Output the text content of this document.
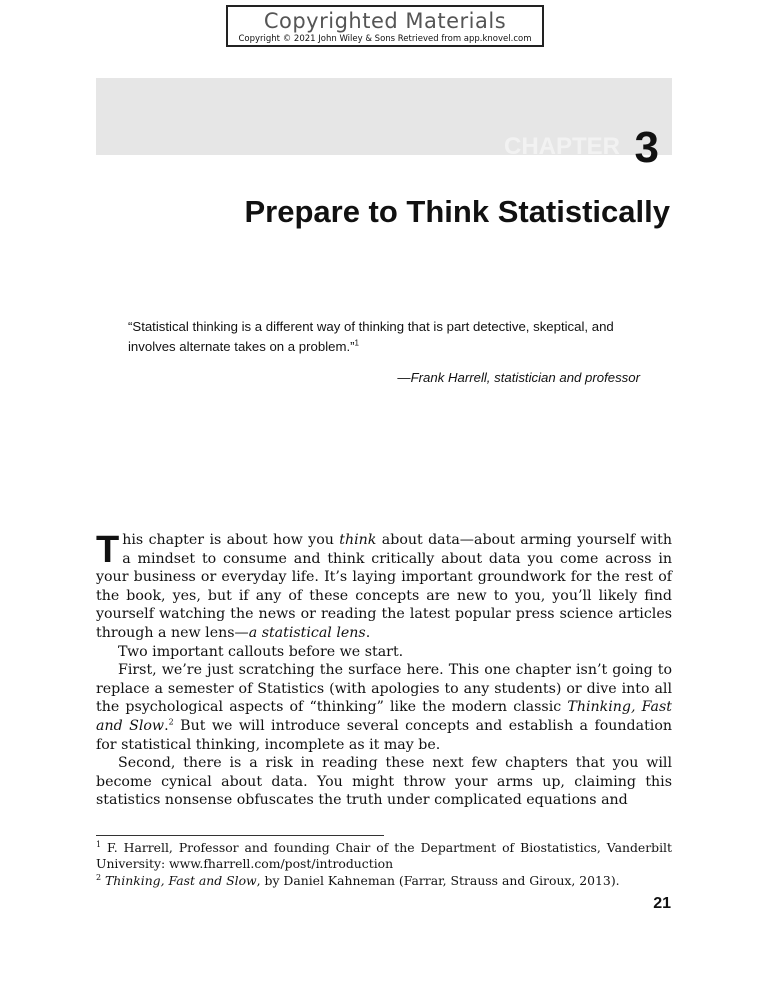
Copyrighted Materials
Copyright © 2021 John Wiley & Sons Retrieved from app.knovel.com
CHAPTER 3
Prepare to Think Statistically
“Statistical thinking is a different way of thinking that is part detective, skeptical, and involves alternate takes on a problem.”$^1$
—Frank Harrell, statistician and professor

This chapter is about how you think about data—about arming yourself with a mindset to consume and think critically about data you come across in your business or everyday life. It’s laying important groundwork for the rest of the book, yes, but if any of these concepts are new to you, you’ll likely find yourself watching the news or reading the latest popular press science articles through a new lens—a statistical lens.

Two important callouts before we start.

First, we’re just scratching the surface here. This one chapter isn’t going to replace a semester of Statistics (with apologies to any students) or dive into all the psychological aspects of “thinking” like the modern classic Thinking, Fast and Slow.$^2$ But we will introduce several concepts and establish a foundation for statistical thinking, incomplete as it may be.

Second, there is a risk in reading these next few chapters that you will become cynical about data. You might throw your arms up, claiming this statistics nonsense obfuscates the truth under complicated equations and

$^1$ F. Harrell, Professor and founding Chair of the Department of Biostatistics, Vanderbilt University: www.fharrell.com/post/introduction

$^2$ Thinking, Fast and Slow, by Daniel Kahneman (Farrar, Strauss and Giroux, 2013).

21
